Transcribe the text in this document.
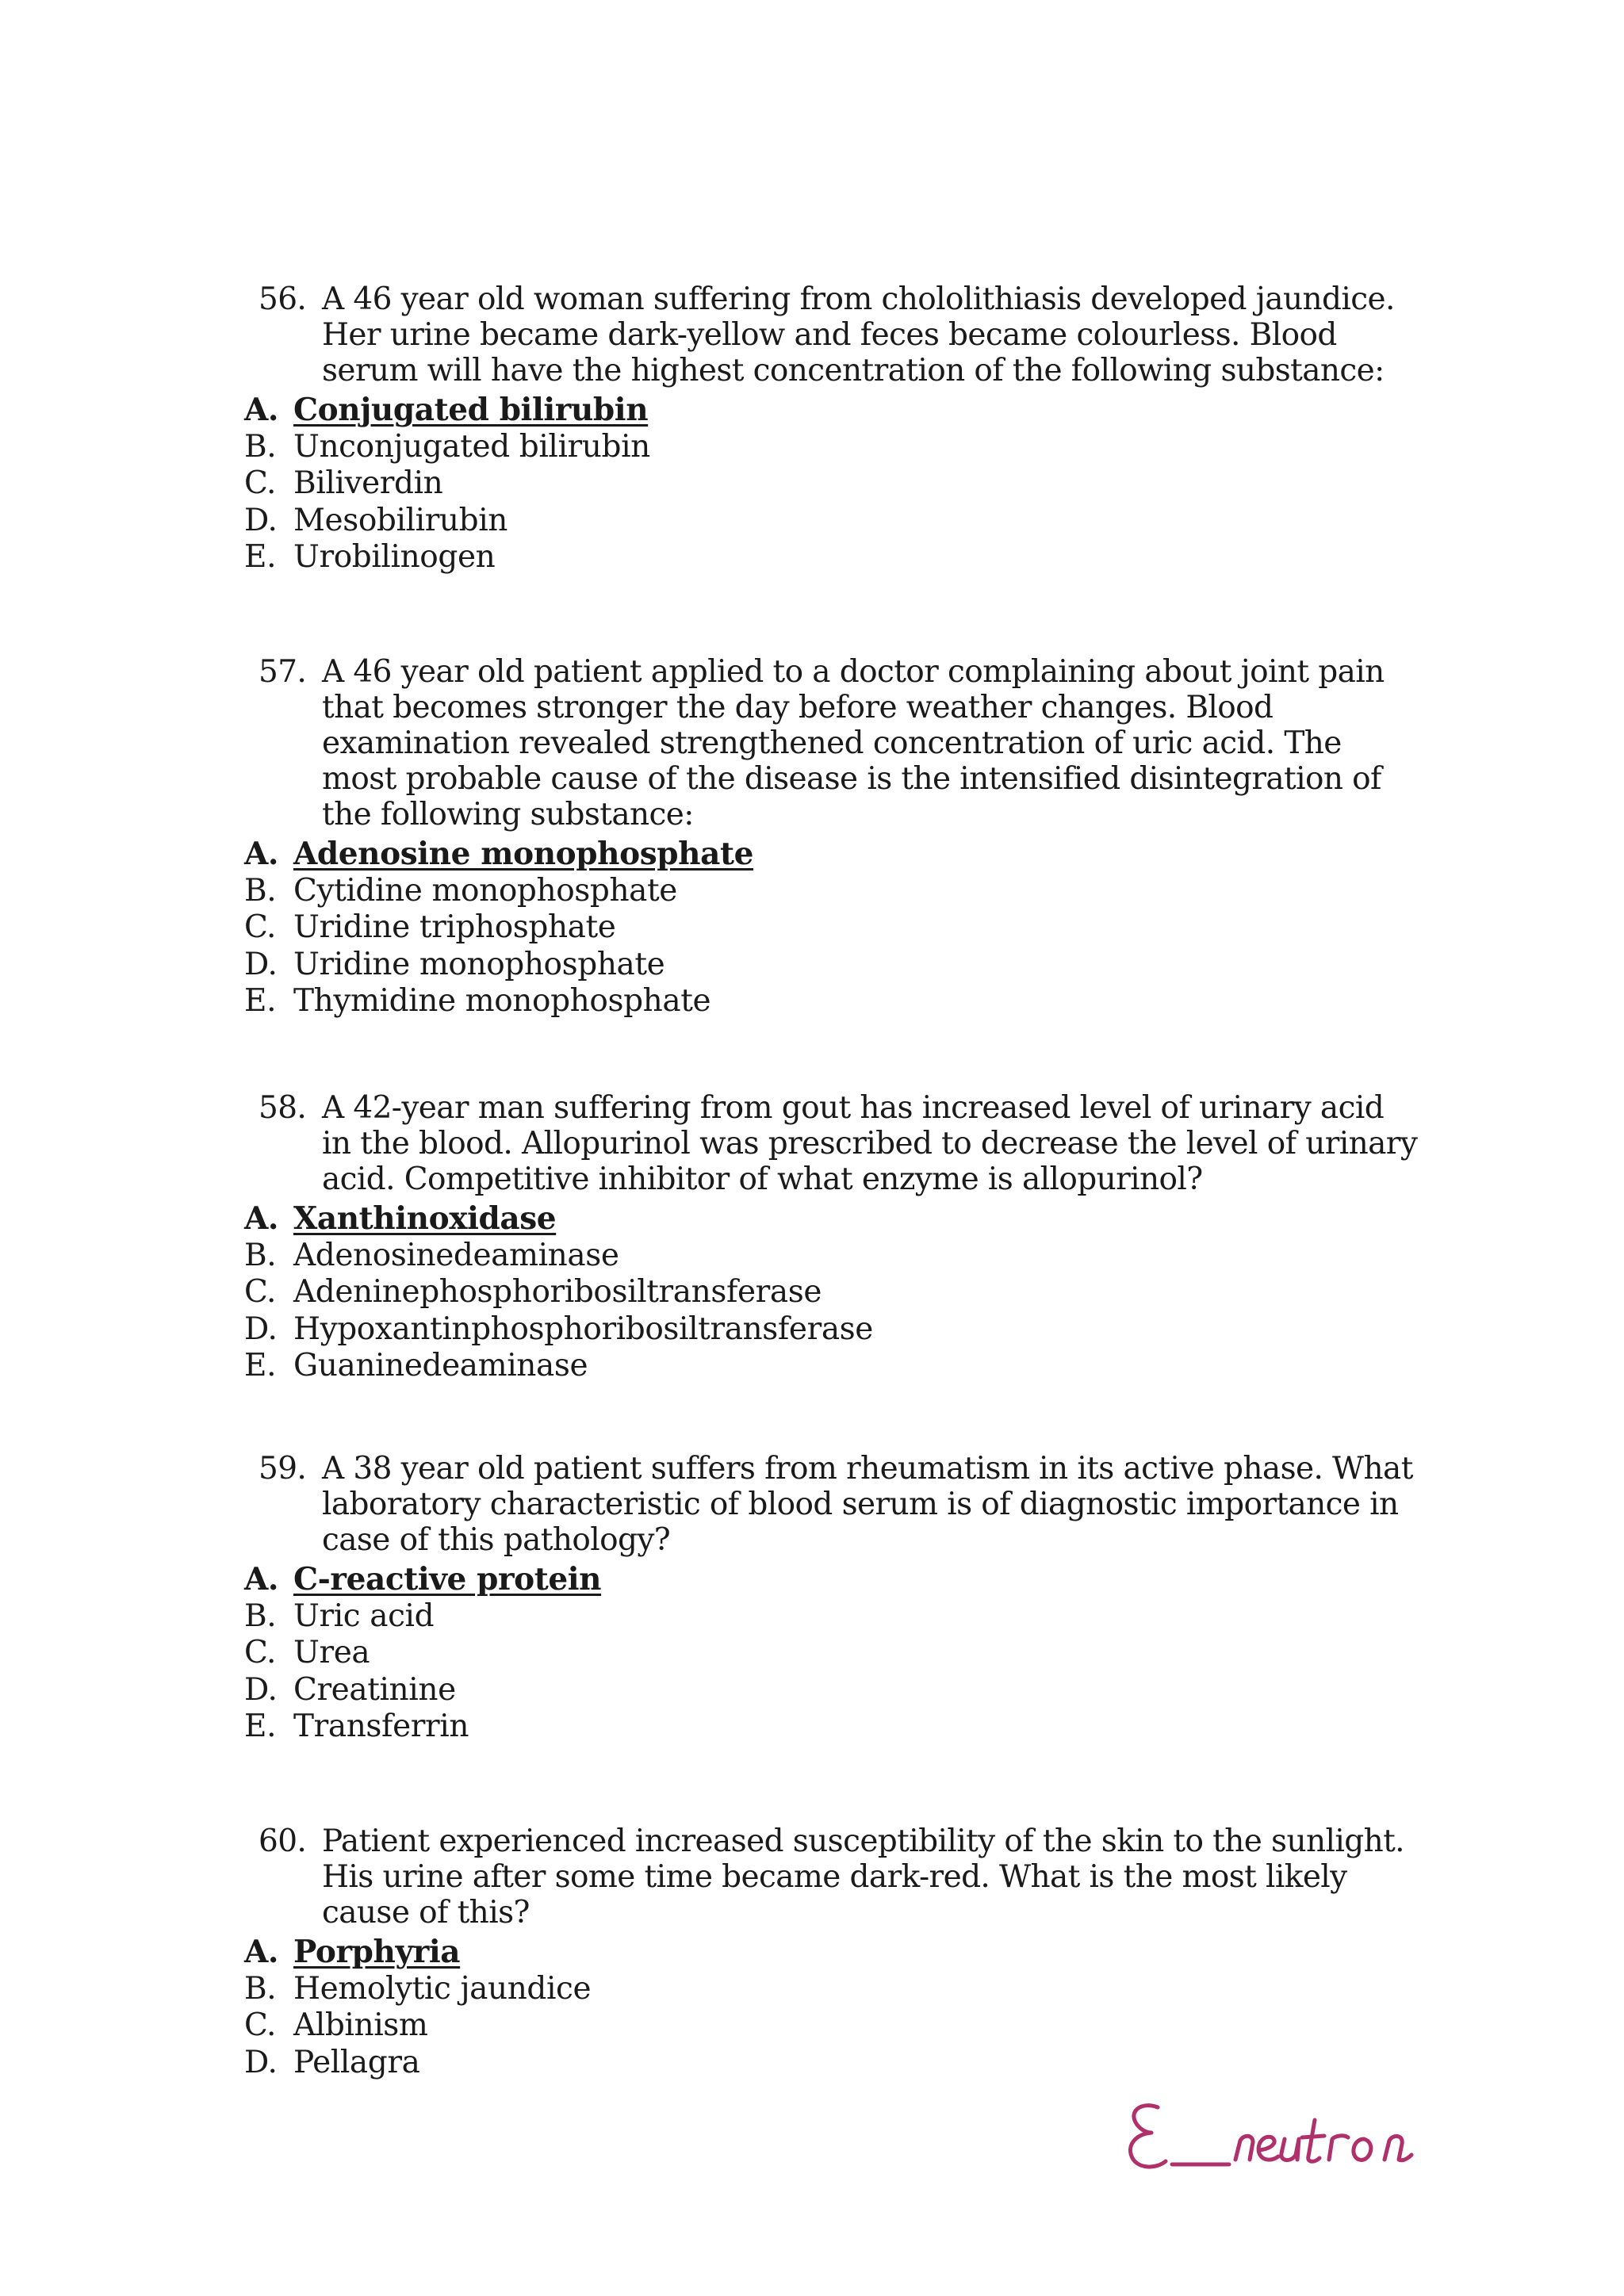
56. A 46 year old woman suffering from chololithiasis developed jaundice. Her urine became dark-yellow and feces became colourless. Blood serum will have the highest concentration of the following substance:
A. Conjugated bilirubin
B. Unconjugated bilirubin
C. Biliverdin
D. Mesobilirubin
E. Urobilinogen
57. A 46 year old patient applied to a doctor complaining about joint pain that becomes stronger the day before weather changes. Blood examination revealed strengthened concentration of uric acid. The most probable cause of the disease is the intensified disintegration of the following substance:
A. Adenosine monophosphate
B. Cytidine monophosphate
C. Uridine triphosphate
D. Uridine monophosphate
E. Thymidine monophosphate
58. A 42-year man suffering from gout has increased level of urinary acid in the blood. Allopurinol was prescribed to decrease the level of urinary acid. Competitive inhibitor of what enzyme is allopurinol?
A. Xanthinoxidase
B. Adenosinedeaminase
C. Adeninephosphoribosiltransferase
D. Hypoxantinphosphoribosiltransferase
E. Guaninedeaminase
59. A 38 year old patient suffers from rheumatism in its active phase. What laboratory characteristic of blood serum is of diagnostic importance in case of this pathology?
A. C-reactive protein
B. Uric acid
C. Urea
D. Creatinine
E. Transferrin
60. Patient experienced increased susceptibility of the skin to the sunlight. His urine after some time became dark-red. What is the most likely cause of this?
A. Porphyria
B. Hemolytic jaundice
C. Albinism
D. Pellagra
